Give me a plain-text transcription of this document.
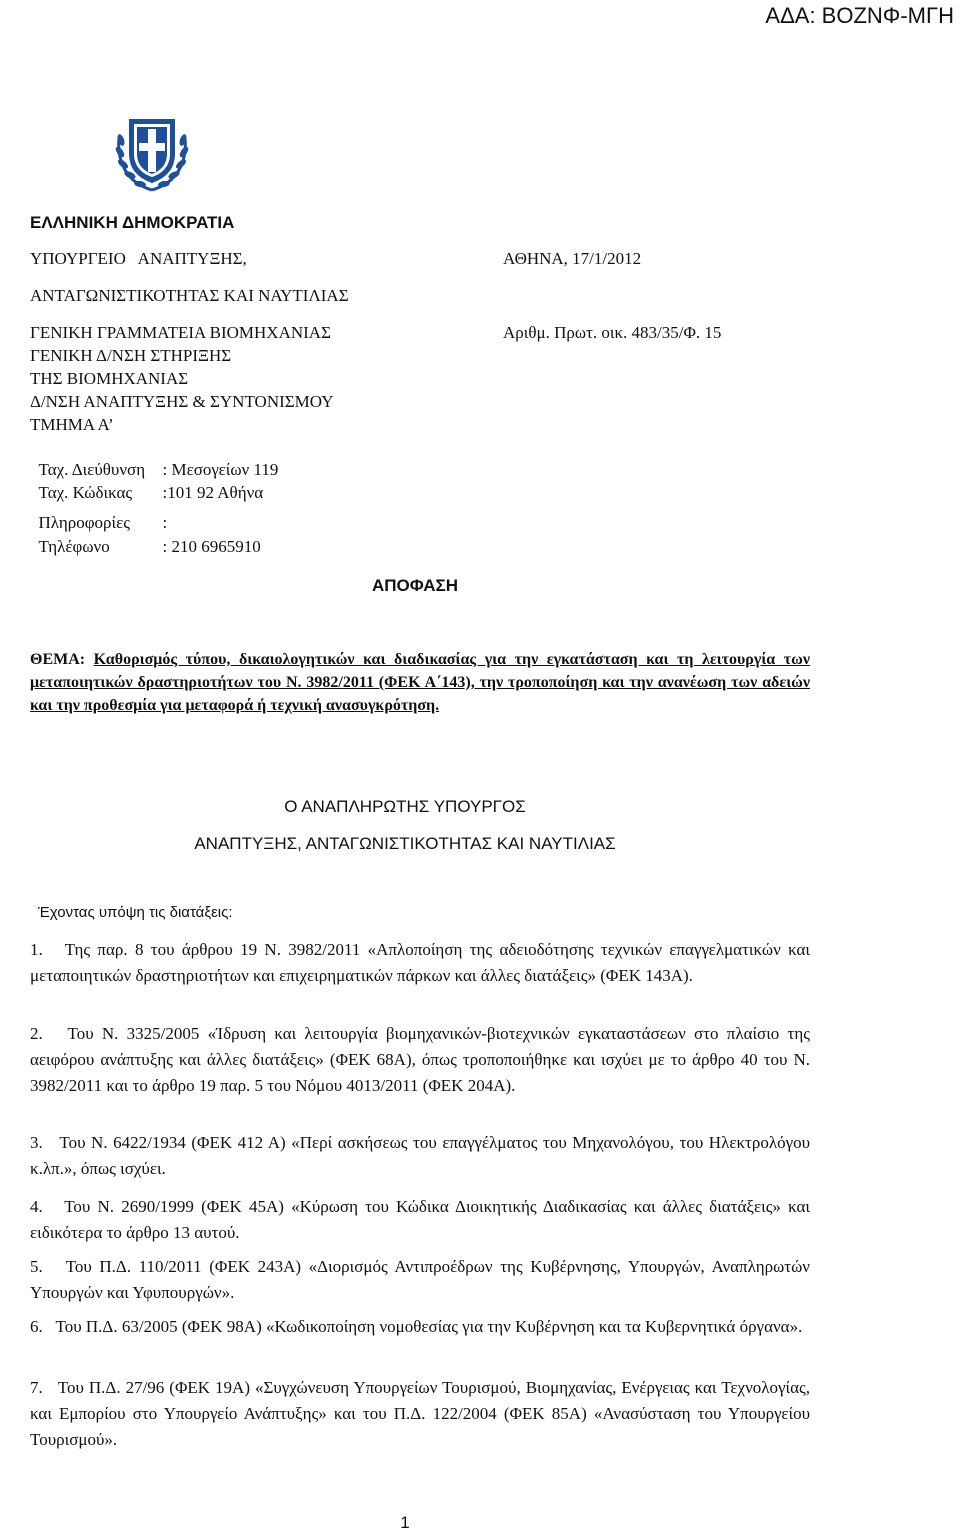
ΑΔΑ: ΒΟΖΝΦ-ΜΓΗ
ΕΛΛΗΝΙΚΗ ΔΗΜΟΚΡΑΤΙΑ
ΥΠΟΥΡΓΕΙΟ   ΑΝΑΠΤΥΞΗΣ,
ΑΝΤΑΓΩΝΙΣΤΙΚΟΤΗΤΑΣ ΚΑΙ ΝΑΥΤΙΛΙΑΣ
ΓΕΝΙΚΗ ΓΡΑΜΜΑΤΕΙΑ ΒΙΟΜΗΧΑΝΙΑΣ
ΓΕΝΙΚΗ Δ/ΝΣΗ ΣΤΗΡΙΞΗΣ
ΤΗΣ ΒΙΟΜΗΧΑΝΙΑΣ
Δ/ΝΣΗ ΑΝΑΠΤΥΞΗΣ & ΣΥΝΤΟΝΙΣΜΟΥ
ΤΜΗΜΑ Α’

Ταχ. Διεύθυνση : Μεσογείων 119

Ταχ. Κώδικας :101 92 Αθήνα

Πληροφορίες :

Τηλέφωνο	: 210 6965910

ΑΘΗΝΑ, 17/1/2012
Αριθμ. Πρωτ. οικ. 483/35/Φ. 15
ΑΠΟΦΑΣΗ
ΘΕΜΑ: Καθορισμός τύπου, δικαιολογητικών και διαδικασίας για την εγκατάσταση και τη λειτουργία των μεταποιητικών δραστηριοτήτων του Ν. 3982/2011 (ΦΕΚ Α΄143), την τροποποίηση και την ανανέωση των αδειών και την προθεσμία για μεταφορά ή τεχνική ανασυγκρότηση.
Ο ΑΝΑΠΛΗΡΩΤΗΣ ΥΠΟΥΡΓΟΣ
ΑΝΑΠΤΥΞΗΣ, ΑΝΤΑΓΩΝΙΣΤΙΚΟΤΗΤΑΣ ΚΑΙ ΝΑΥΤΙΛΙΑΣ
Έχοντας υπόψη τις διατάξεις:
1. Της παρ. 8 του άρθρου 19 Ν. 3982/2011 «Απλοποίηση της αδειοδότησης τεχνικών επαγγελματικών και μεταποιητικών δραστηριοτήτων και επιχειρηματικών πάρκων και άλλες διατάξεις» (ΦΕΚ 143Α).
2. Του Ν. 3325/2005 «Ίδρυση και λειτουργία βιομηχανικών-βιοτεχνικών εγκαταστάσεων στο πλαίσιο της αειφόρου ανάπτυξης και άλλες διατάξεις» (ΦΕΚ 68Α), όπως τροποποιήθηκε και ισχύει με το άρθρο 40 του Ν. 3982/2011 και το άρθρο 19 παρ. 5 του Νόμου 4013/2011 (ΦΕΚ 204Α).
3. Του Ν. 6422/1934 (ΦΕΚ 412 Α) «Περί ασκήσεως του επαγγέλματος του Μηχανολόγου, του Ηλεκτρολόγου κ.λπ.», όπως ισχύει.
4. Του Ν. 2690/1999 (ΦΕΚ 45Α) «Κύρωση του Κώδικα Διοικητικής Διαδικασίας και άλλες διατάξεις» και ειδικότερα το άρθρο 13 αυτού.
5. Του Π.Δ. 110/2011 (ΦΕΚ 243Α) «Διορισμός Αντιπροέδρων της Κυβέρνησης, Υπουργών, Αναπληρωτών Υπουργών και Υφυπουργών».
6. Του Π.Δ. 63/2005 (ΦΕΚ 98Α) «Κωδικοποίηση νομοθεσίας για την Κυβέρνηση και τα Κυβερνητικά όργανα».
7. Του Π.Δ. 27/96 (ΦΕΚ 19Α) «Συγχώνευση Υπουργείων Τουρισμού, Βιομηχανίας, Ενέργειας και Τεχνολογίας, και Εμπορίου στο Υπουργείο Ανάπτυξης» και του Π.Δ. 122/2004 (ΦΕΚ 85Α) «Ανασύσταση του Υπουργείου Τουρισμού».
1
